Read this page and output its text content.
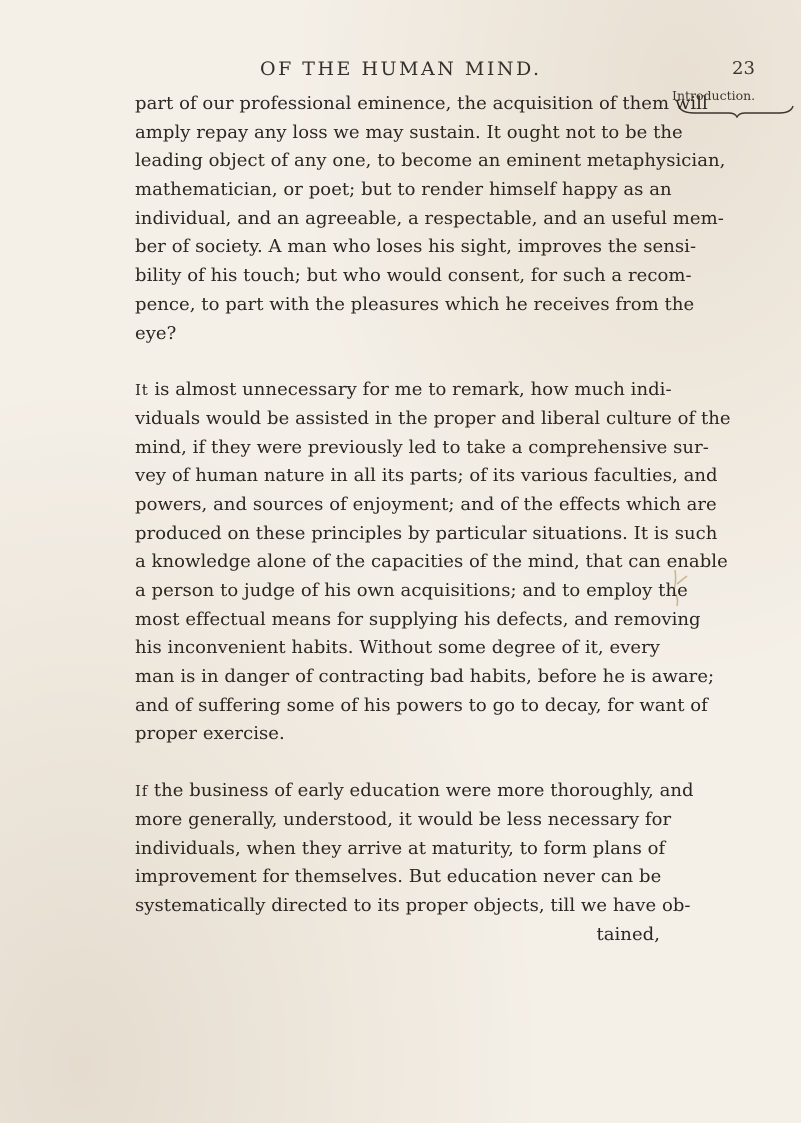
OF THE HUMAN MIND.	23
Introduction.
part of our professional eminence, the acquisition of them will
amply repay any loss we may sustain. It ought not to be the
leading object of any one, to become an eminent metaphysician,
mathematician, or poet; but to render himself happy as an
individual, and an agreeable, a respectable, and an useful mem-
ber of society. A man who loses his sight, improves the sensi-
bility of his touch; but who would consent, for such a recom-
pence, to part with the pleasures which he receives from the
eye?
It is almost unnecessary for me to remark, how much indi-
viduals would be assisted in the proper and liberal culture of the
mind, if they were previously led to take a comprehensive sur-
vey of human nature in all its parts; of its various faculties, and
powers, and sources of enjoyment; and of the effects which are
produced on these principles by particular situations. It is such
a knowledge alone of the capacities of the mind, that can enable
a person to judge of his own acquisitions; and to employ the
most effectual means for supplying his defects, and removing
his inconvenient habits. Without some degree of it, every
man is in danger of contracting bad habits, before he is aware;
and of suffering some of his powers to go to decay, for want of
proper exercise.
If the business of early education were more thoroughly, and
more generally, understood, it would be less necessary for
individuals, when they arrive at maturity, to form plans of
improvement for themselves. But education never can be
systematically directed to its proper objects, till we have ob-
tained,
